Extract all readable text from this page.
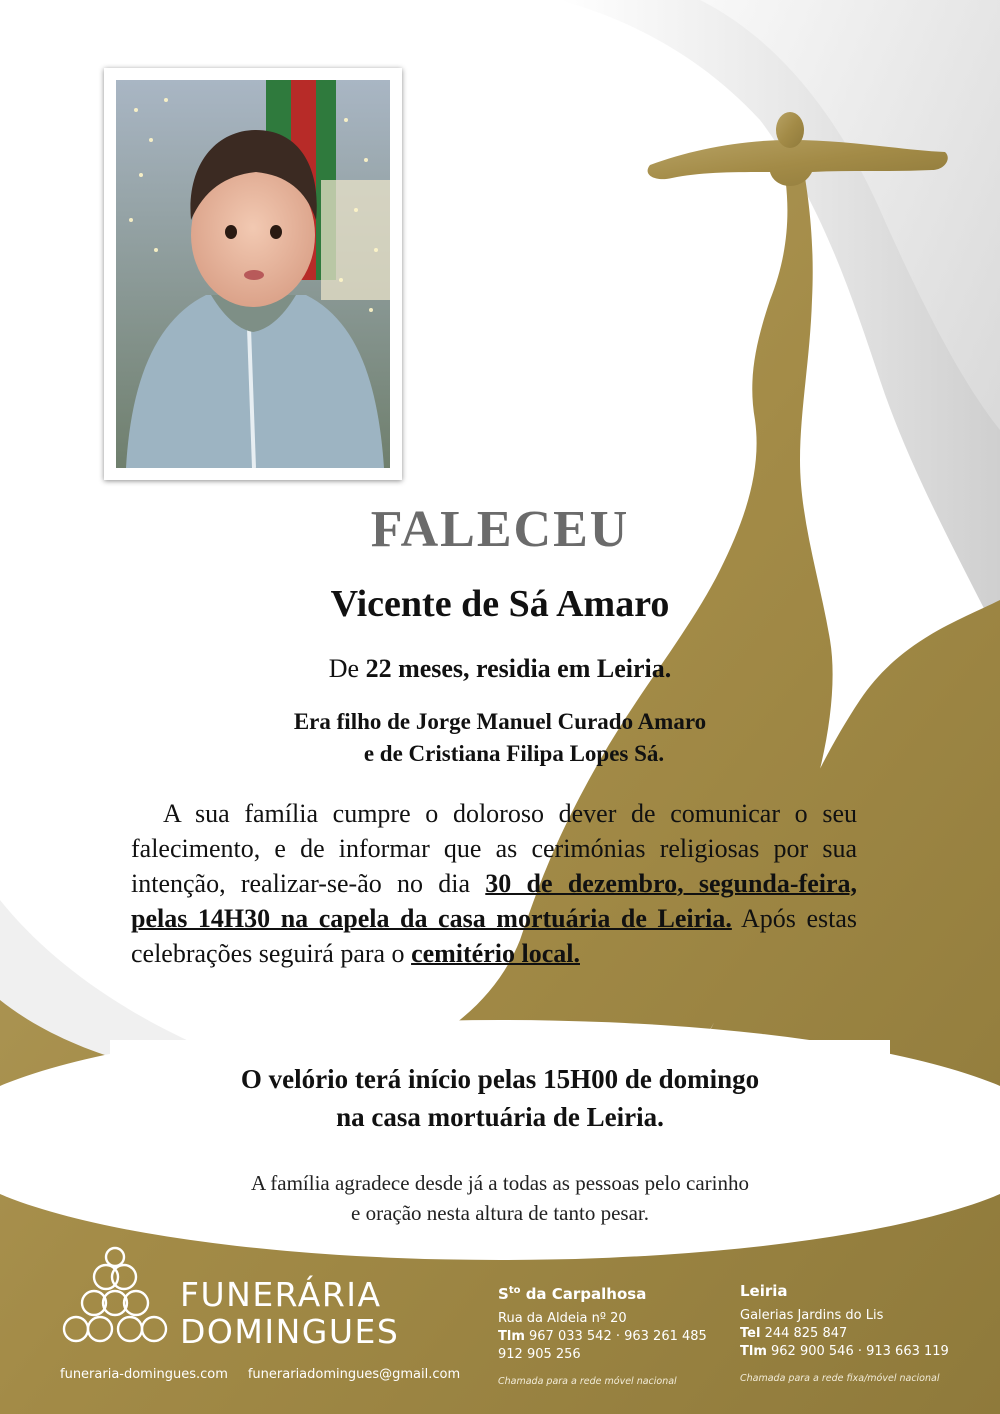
FALECEU
Vicente de Sá Amaro
De 22 meses, residia em Leiria.
Era filho de Jorge Manuel Curado Amaro
e de Cristiana Filipa Lopes Sá.
A sua família cumpre o doloroso dever de comunicar o seu falecimento, e de informar que as cerimónias religiosas por sua intenção, realizar-se-ão no dia 30 de dezembro, segunda-feira, pelas 14H30 na capela da casa mortuária de Leiria. Após estas celebrações seguirá para o cemitério local.
O velório terá início pelas 15H00 de domingo
na casa mortuária de Leiria.
A família agradece desde já a todas as pessoas pelo carinho
e oração nesta altura de tanto pesar.
FUNERÁRIA
DOMINGUES
funeraria-domingues.com funerariadomingues@gmail.com
$S^{to}$ da Carpalhosa
Rua da Aldeia nº 20
Tlm 967 033 542 · 963 261 485
912 905 256
Chamada para a rede móvel nacional
Leiria
Galerias Jardins do Lis
Tel 244 825 847
Tlm 962 900 546 · 913 663 119
Chamada para a rede fixa/móvel nacional
